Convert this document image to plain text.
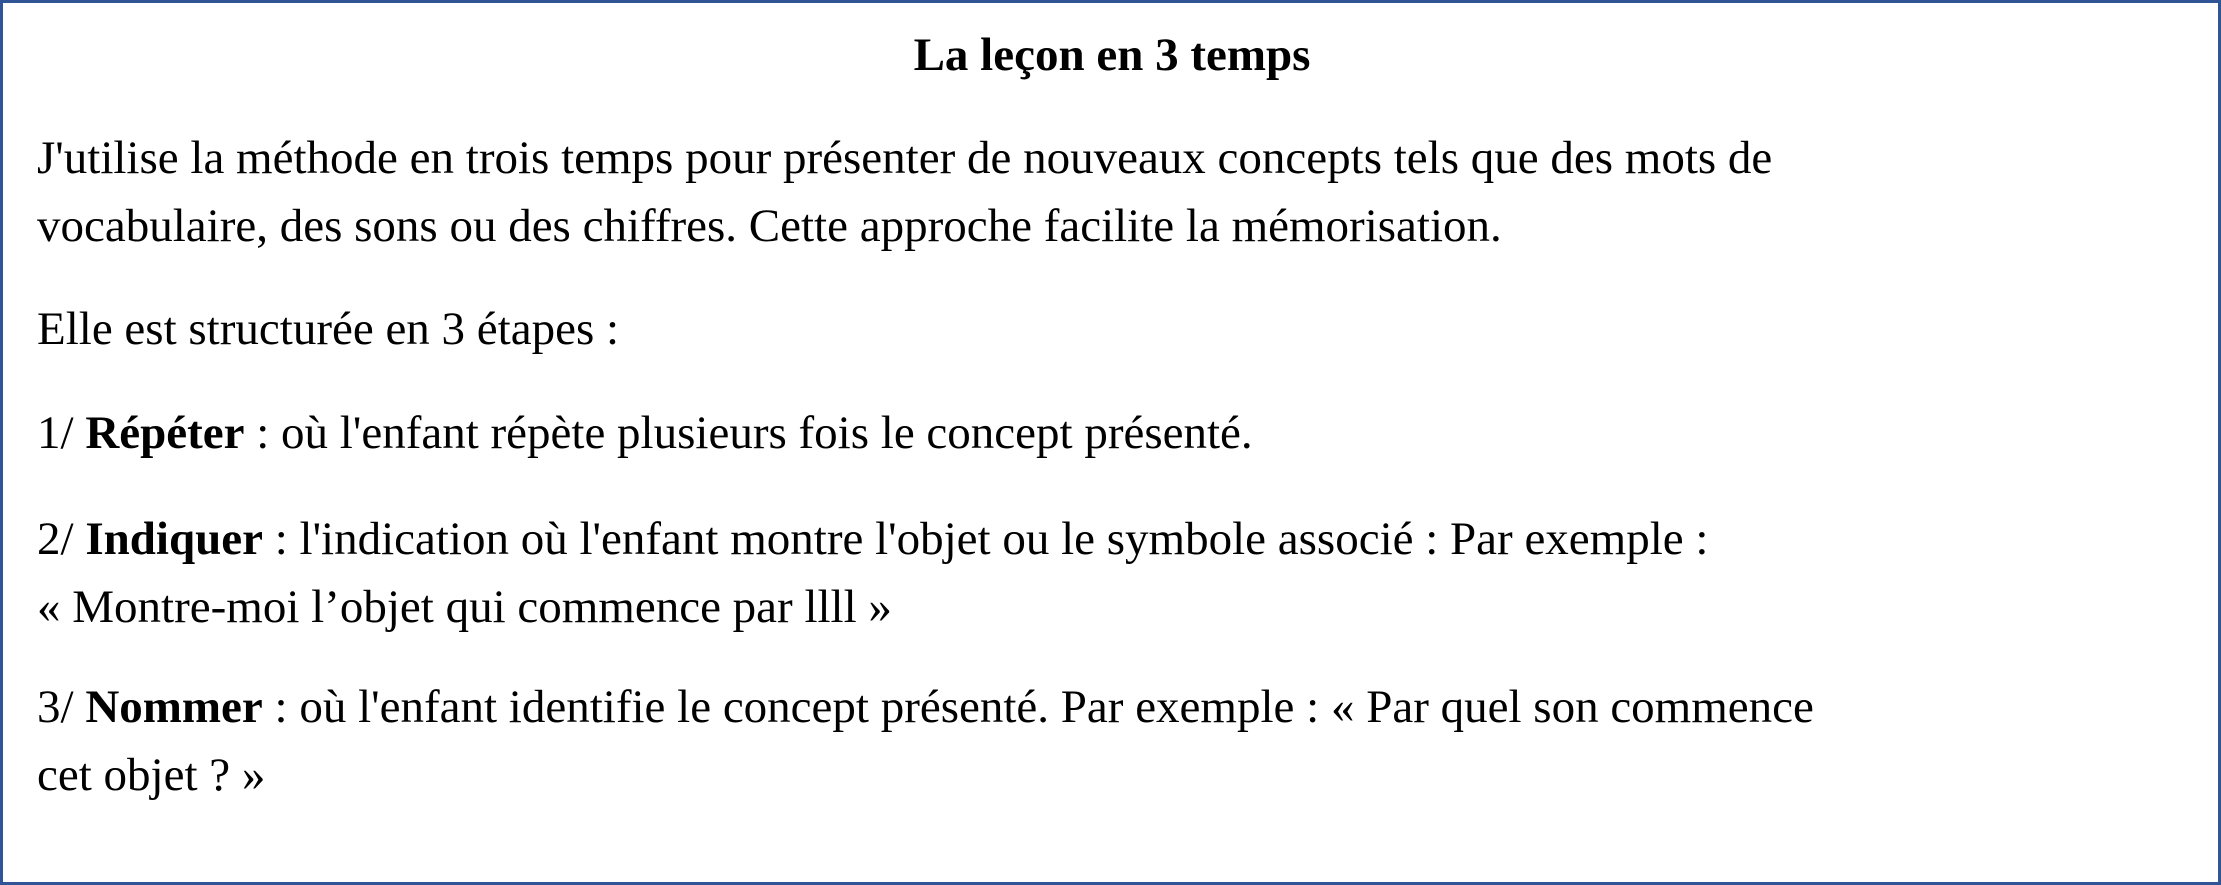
La leçon en 3 temps

J'utilise la méthode en trois temps pour présenter de nouveaux concepts tels que des mots de
vocabulaire, des sons ou des chiffres. Cette approche facilite la mémorisation.

Elle est structurée en 3 étapes :

1/ Répéter : où l'enfant répète plusieurs fois le concept présenté.

2/ Indiquer : l'indication où l'enfant montre l'objet ou le symbole associé : Par exemple :
« Montre-moi l’objet qui commence par llll »

3/ Nommer : où l'enfant identifie le concept présenté. Par exemple : « Par quel son commence
cet objet ? »
